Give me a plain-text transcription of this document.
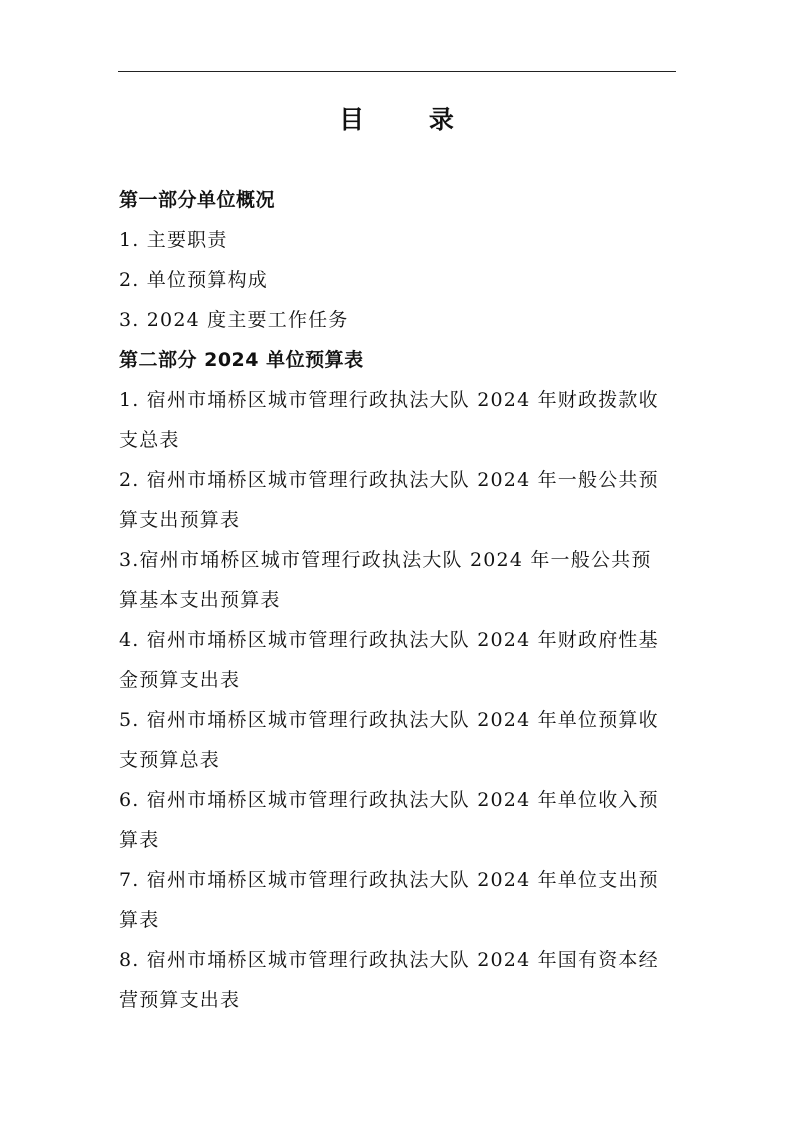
目 录
第一部分单位概况
1. 主要职责
2. 单位预算构成
3. 2024 度主要工作任务
第二部分 2024 单位预算表
1. 宿州市埇桥区城市管理行政执法大队 2024 年财政拨款收支总表
2. 宿州市埇桥区城市管理行政执法大队 2024 年一般公共预算支出预算表
3.宿州市埇桥区城市管理行政执法大队 2024 年一般公共预算基本支出预算表
4. 宿州市埇桥区城市管理行政执法大队 2024 年财政府性基金预算支出表
5. 宿州市埇桥区城市管理行政执法大队 2024 年单位预算收支预算总表
6. 宿州市埇桥区城市管理行政执法大队 2024 年单位收入预算表
7. 宿州市埇桥区城市管理行政执法大队 2024 年单位支出预算表
8. 宿州市埇桥区城市管理行政执法大队 2024 年国有资本经营预算支出表
